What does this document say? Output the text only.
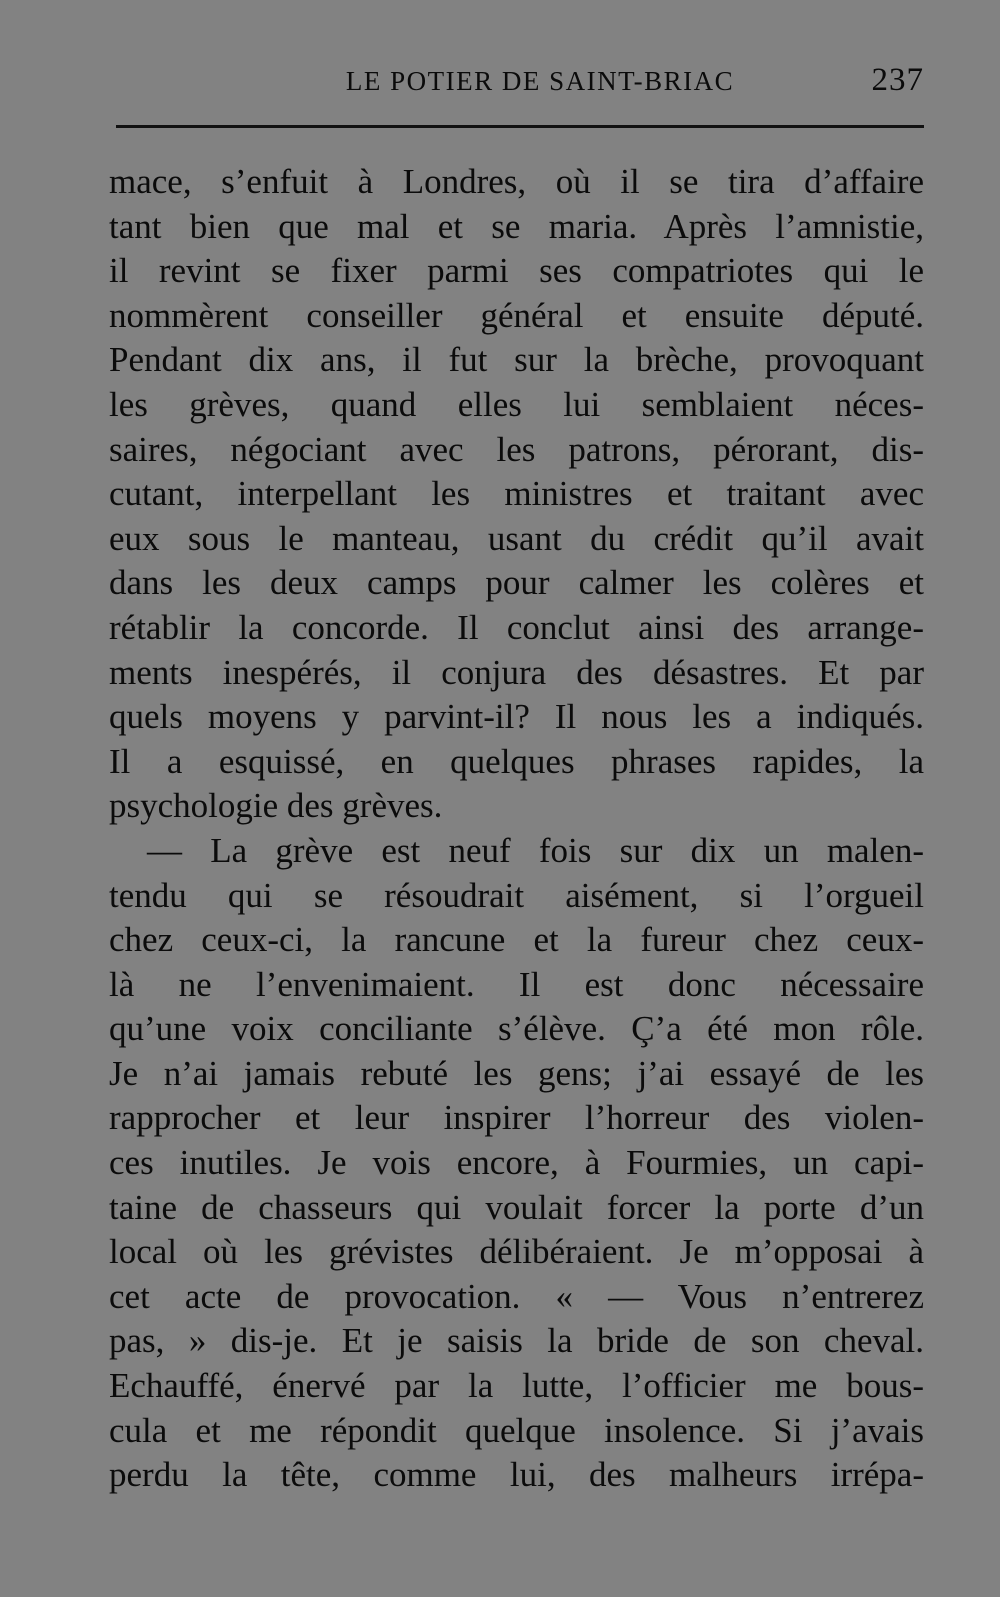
LE POTIER DE SAINT-BRIAC	237
mace, s’enfuit à Londres, où il se tira d’affaire
tant bien que mal et se maria. Après l’amnistie,
il revint se fixer parmi ses compatriotes qui le
nommèrent conseiller général et ensuite député.
Pendant dix ans, il fut sur la brèche, provoquant
les grèves, quand elles lui semblaient néces-
saires, négociant avec les patrons, pérorant, dis-
cutant, interpellant les ministres et traitant avec
eux sous le manteau, usant du crédit qu’il avait
dans les deux camps pour calmer les colères et
rétablir la concorde. Il conclut ainsi des arrange-
ments inespérés, il conjura des désastres. Et par
quels moyens y parvint-il? Il nous les a indiqués.
Il a esquissé, en quelques phrases rapides, la
psychologie des grèves.
— La grève est neuf fois sur dix un malen-
tendu qui se résoudrait aisément, si l’orgueil
chez ceux-ci, la rancune et la fureur chez ceux-
là ne l’envenimaient. Il est donc nécessaire
qu’une voix conciliante s’élève. Ç’a été mon rôle.
Je n’ai jamais rebuté les gens; j’ai essayé de les
rapprocher et leur inspirer l’horreur des violen-
ces inutiles. Je vois encore, à Fourmies, un capi-
taine de chasseurs qui voulait forcer la porte d’un
local où les grévistes délibéraient. Je m’opposai à
cet acte de provocation. « — Vous n’entrerez
pas, » dis-je. Et je saisis la bride de son cheval.
Echauffé, énervé par la lutte, l’officier me bous-
cula et me répondit quelque insolence. Si j’avais
perdu la tête, comme lui, des malheurs irrépa-
